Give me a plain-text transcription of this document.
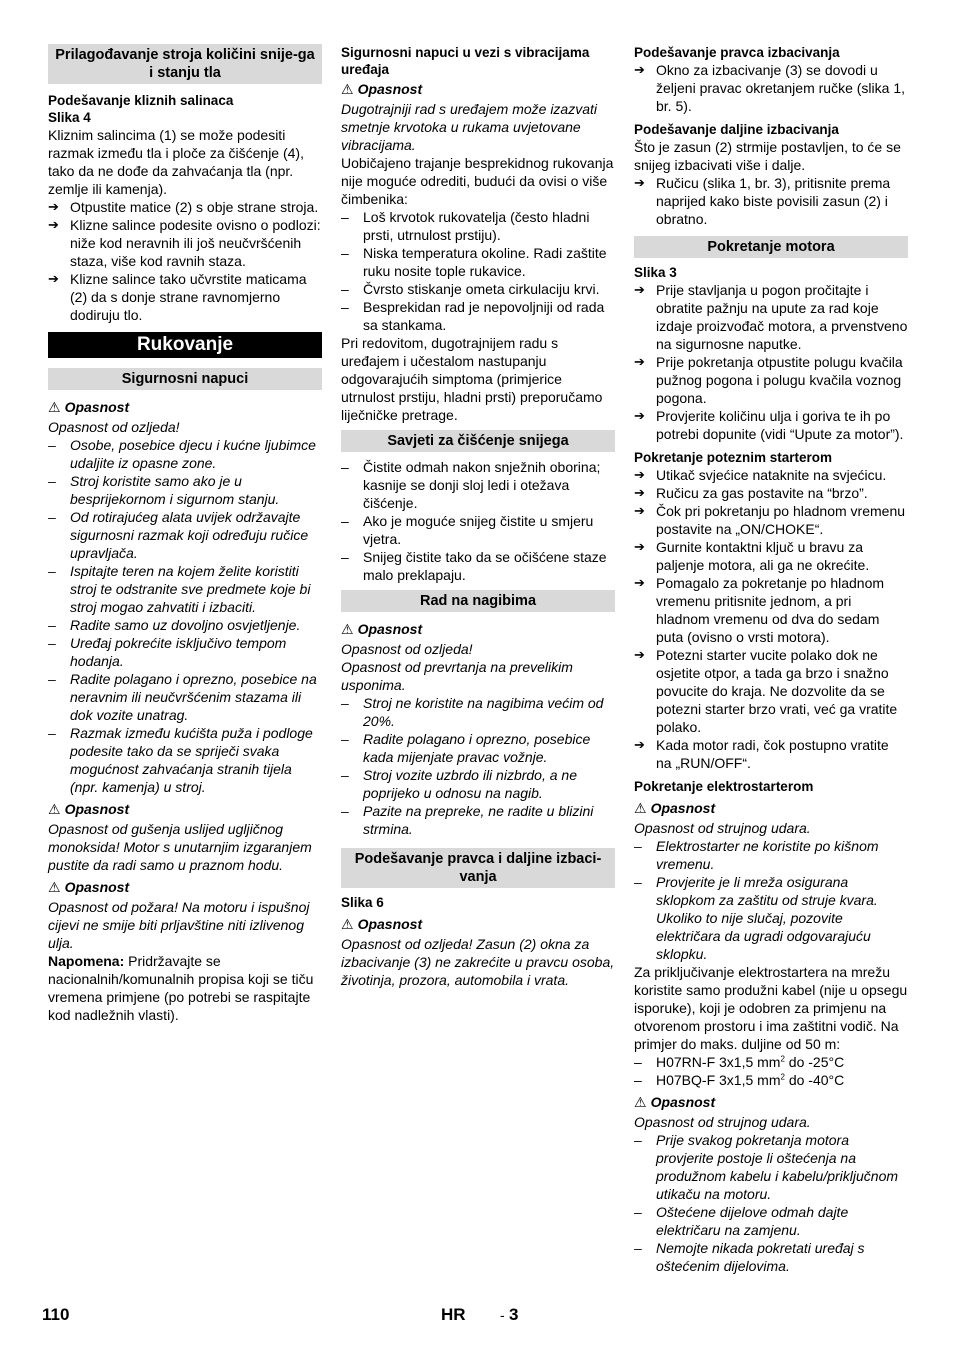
Prilagođavanje stroja količini snije-ga i stanju tla
Podešavanje kliznih salinaca
Slika 4
Kliznim salincima (1) se može podesiti razmak između tla i ploče za čišćenje (4), tako da ne dođe da zahvaćanja tla (npr. zemlje ili kamenja).
➔ Otpustite matice (2) s obje strane stroja.
➔ Klizne salince podesite ovisno o podlozi: niže kod neravnih ili još neučvršćenih staza, više kod ravnih staza.
➔ Klizne salince tako učvrstite maticama (2) da s donje strane ravnomjerno dodiruju tlo.
Rukovanje
Sigurnosni napuci
⚠ Opasnost
Opasnost od ozljeda!
– Osobe, posebice djecu i kućne ljubimce udaljite iz opasne zone.
– Stroj koristite samo ako je u besprijekornom i sigurnom stanju.
– Od rotirajućeg alata uvijek održavajte sigurnosni razmak koji određuju ručice upravljača.
– Ispitajte teren na kojem želite koristiti stroj te odstranite sve predmete koje bi stroj mogao zahvatiti i izbaciti.
– Radite samo uz dovoljno osvjetljenje.
– Uređaj pokrećite isključivo tempom hodanja.
– Radite polagano i oprezno, posebice na neravnim ili neučvršćenim stazama ili dok vozite unatrag.
– Razmak između kućišta puža i podloge podesite tako da se spriječi svaka mogućnost zahvaćanja stranih tijela (npr. kamenja) u stroj.
⚠ Opasnost
Opasnost od gušenja uslijed ugljičnog monoksida! Motor s unutarnjim izgaranjem pustite da radi samo u praznom hodu.
⚠ Opasnost
Opasnost od požara! Na motoru i ispušnoj cijevi ne smije biti prljavštine niti izlivenog ulja.
Napomena: Pridržavajte se nacionalnih/komunalnih propisa koji se tiču vremena primjene (po potrebi se raspitajte kod nadležnih vlasti).
Sigurnosni napuci u vezi s vibracijama uređaja
⚠ Opasnost
Dugotrajniji rad s uređajem može izazvati smetnje krvotoka u rukama uvjetovane vibracijama.
Uobičajeno trajanje besprekidnog rukovanja nije moguće odrediti, budući da ovisi o više čimbenika:
– Loš krvotok rukovatelja (često hladni prsti, utrnulost prstiju).
– Niska temperatura okoline. Radi zaštite ruku nosite tople rukavice.
– Čvrsto stiskanje ometa cirkulaciju krvi.
– Besprekidan rad je nepovoljniji od rada sa stankama.
Pri redovitom, dugotrajnijem radu s uređajem i učestalom nastupanju odgovarajućih simptoma (primjerice utrnulost prstiju, hladni prsti) preporučamo liječničke pretrage.
Savjeti za čišćenje snijega
– Čistite odmah nakon snježnih oborina; kasnije se donji sloj ledi i otežava čišćenje.
– Ako je moguće snijeg čistite u smjeru vjetra.
– Snijeg čistite tako da se očišćene staze malo preklapaju.
Rad na nagibima
⚠ Opasnost
Opasnost od ozljeda!
Opasnost od prevrtanja na prevelikim usponima.
– Stroj ne koristite na nagibima većim od 20%.
– Radite polagano i oprezno, posebice kada mijenjate pravac vožnje.
– Stroj vozite uzbrdo ili nizbrdo, a ne poprijeko u odnosu na nagib.
– Pazite na prepreke, ne radite u blizini strmina.
Podešavanje pravca i daljine izbaci-vanja
Slika 6
⚠ Opasnost
Opasnost od ozljeda! Zasun (2) okna za izbacivanje (3) ne zakrećite u pravcu osoba, životinja, prozora, automobila i vrata.
Podešavanje pravca izbacivanja
➔ Okno za izbacivanje (3) se dovodi u željeni pravac okretanjem ručke (slika 1, br. 5).
Podešavanje daljine izbacivanja
Što je zasun (2) strmije postavljen, to će se snijeg izbacivati više i dalje.
➔ Ručicu (slika 1, br. 3), pritisnite prema naprijed kako biste povisili zasun (2) i obratno.
Pokretanje motora
Slika 3
➔ Prije stavljanja u pogon pročitajte i obratite pažnju na upute za rad koje izdaje proizvođač motora, a prvenstveno na sigurnosne naputke.
➔ Prije pokretanja otpustite polugu kvačila pužnog pogona i polugu kvačila voznog pogona.
➔ Provjerite količinu ulja i goriva te ih po potrebi dopunite (vidi “Upute za motor”).
Pokretanje poteznim starterom
➔ Utikač svjećice nataknite na svjećicu.
➔ Ručicu za gas postavite na “brzo”.
➔ Čok pri pokretanju po hladnom vremenu postavite na „ON/CHOKE“.
➔ Gurnite kontaktni ključ u bravu za paljenje motora, ali ga ne okrećite.
➔ Pomagalo za pokretanje po hladnom vremenu pritisnite jednom, a pri hladnom vremenu od dva do sedam puta (ovisno o vrsti motora).
➔ Potezni starter vucite polako dok ne osjetite otpor, a tada ga brzo i snažno povucite do kraja. Ne dozvolite da se potezni starter brzo vrati, već ga vratite polako.
➔ Kada motor radi, čok postupno vratite na „RUN/OFF“.
Pokretanje elektrostarterom
⚠ Opasnost
Opasnost od strujnog udara.
– Elektrostarter ne koristite po kišnom vremenu.
– Provjerite je li mreža osigurana sklopkom za zaštitu od struje kvara. Ukoliko to nije slučaj, pozovite električara da ugradi odgovarajuću sklopku.
Za priključivanje elektrostartera na mrežu koristite samo produžni kabel (nije u opsegu isporuke), koji je odobren za primjenu na otvorenom prostoru i ima zaštitni vodič. Na primjer do maks. duljine od 50 m:
– H07RN-F 3x1,5 $mm^2$ do -25°C
– H07BQ-F 3x1,5 $mm^2$ do -40°C
⚠ Opasnost
Opasnost od strujnog udara.
– Prije svakog pokretanja motora provjerite postoje li oštećenja na produžnom kabelu i kabelu/priključnom utikaču na motoru.
– Oštećene dijelove odmah dajte električaru na zamjenu.
– Nemojte nikada pokretati uređaj s oštećenim dijelovima.
110	HR - 3
